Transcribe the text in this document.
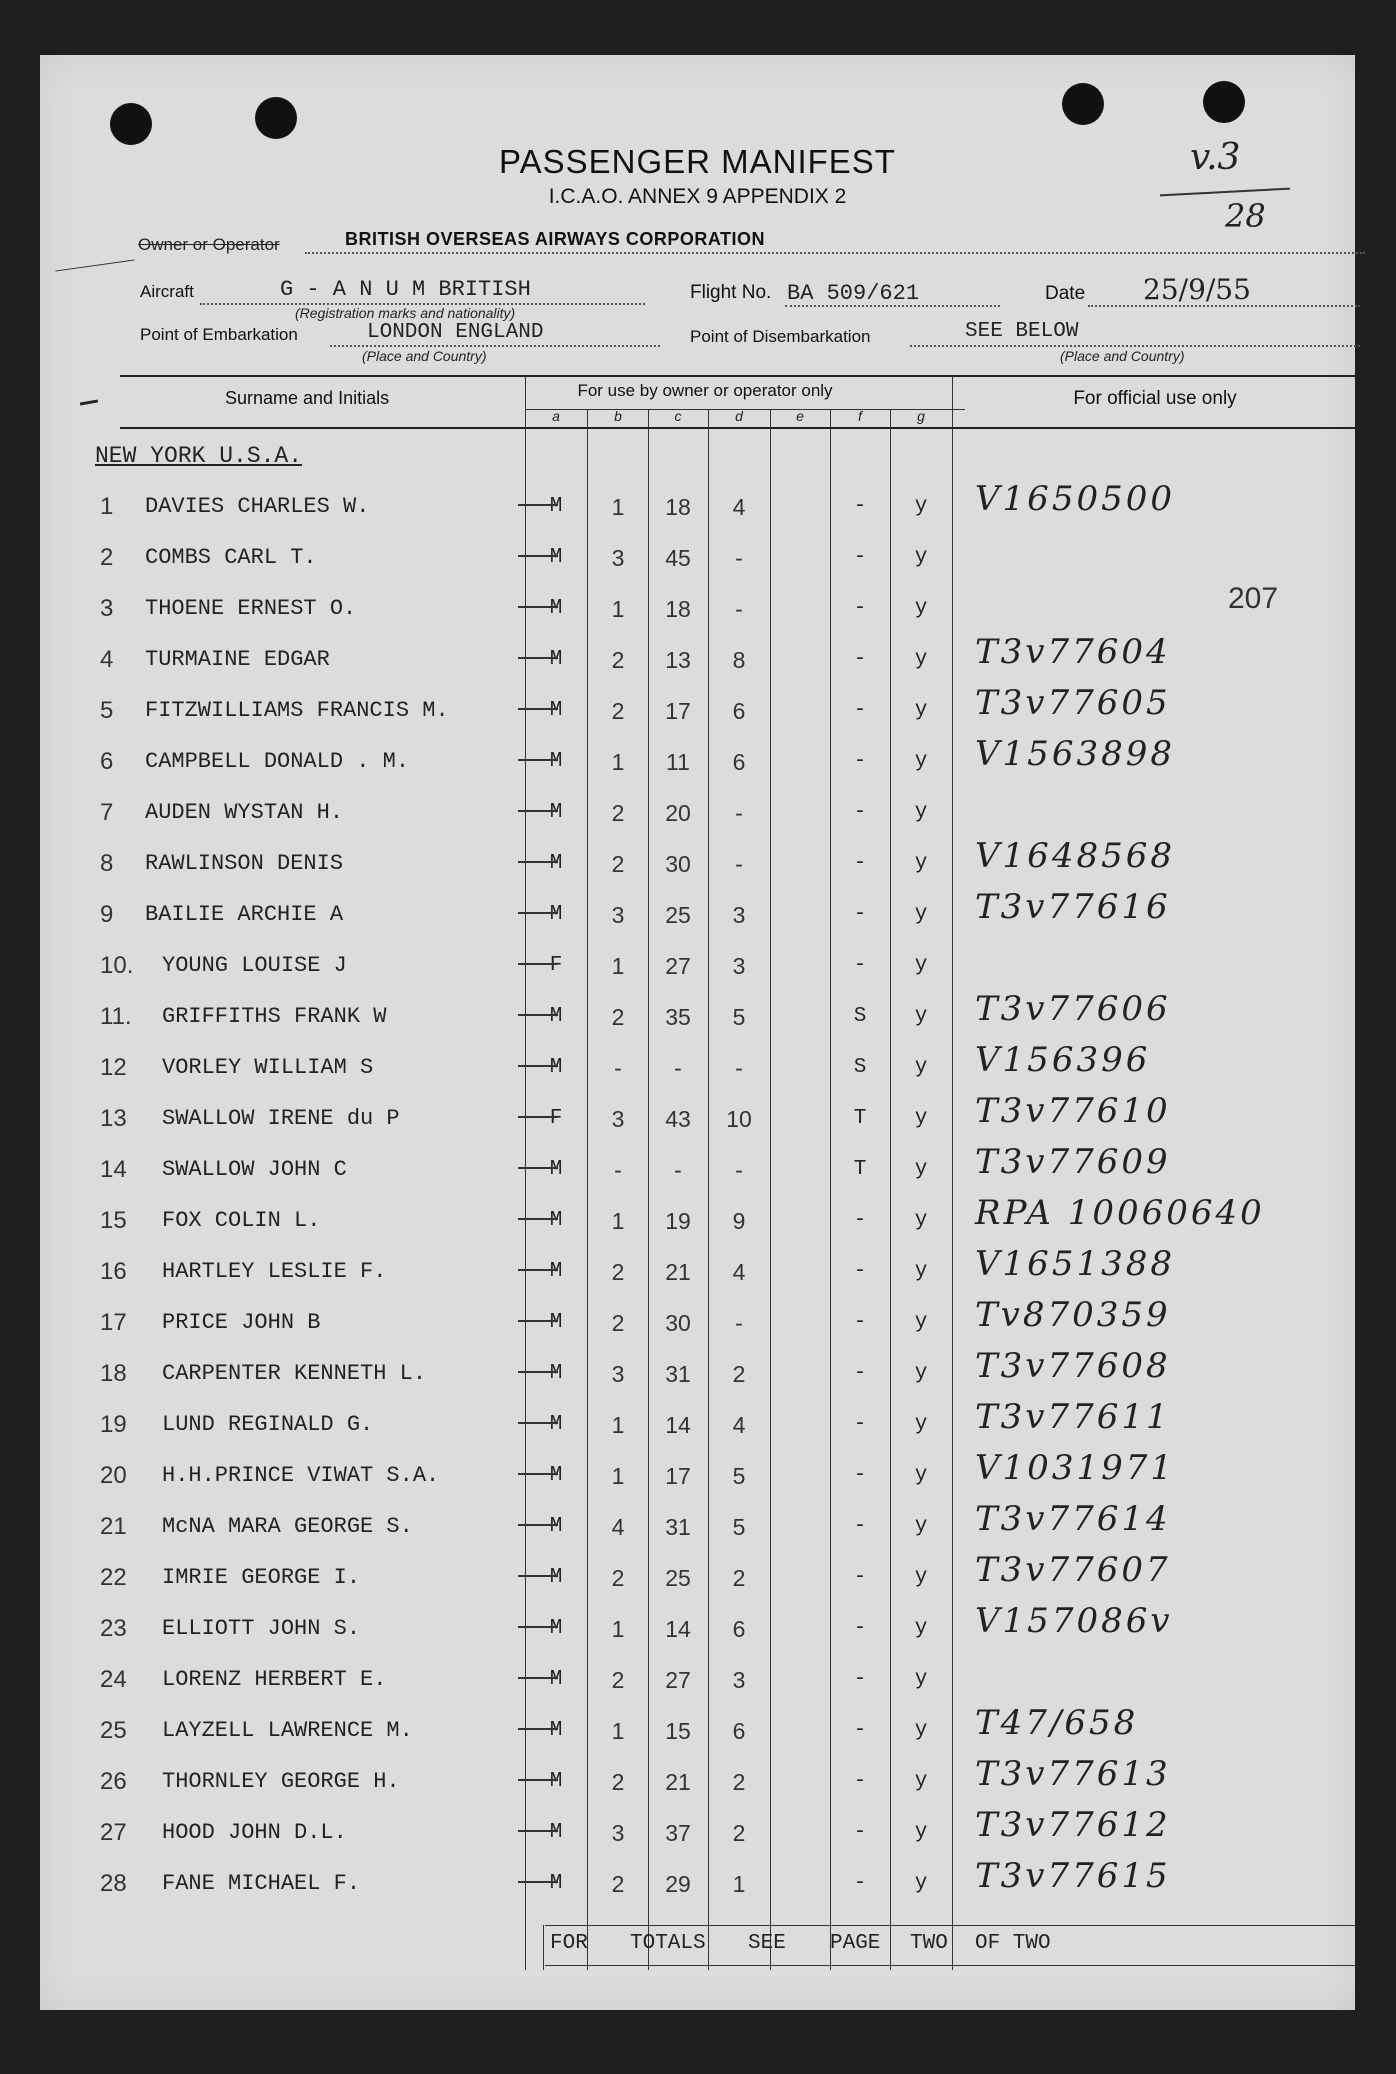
PASSENGER MANIFEST
I.C.A.O. ANNEX 9 APPENDIX 2
v.3
28
Owner or Operator	BRITISH OVERSEAS AIRWAYS CORPORATION
Aircraft	G - A N U M BRITISH
(Registration marks and nationality)
Flight No. BA 509/621	Date 25/9/55
Point of Embarkation	LONDON ENGLAND
(Place and Country)
Point of Disembarkation	SEE BELOW
(Place and Country)
Surname and Initials	For use by owner or operator only	For official use only
a	b	c	d	e	f	g
NEW YORK U.S.A.
207
1 DAVIES CHARLES W.	M	1	18	4	-	y	V1650500
2 COMBS CARL T.	M	3	45	-	-	y
3 THOENE ERNEST O.	M	1	18	-	-	y
4 TURMAINE EDGAR	M	2	13	8	-	y	T3v77604
5 FITZWILLIAMS FRANCIS M.	M	2	17	6	-	y	T3v77605
6 CAMPBELL DONALD . M.	M	1	11	6	-	y	V1563898
7 AUDEN WYSTAN H.	M	2	20	-	-	y
8 RAWLINSON DENIS	M	2	30	-	-	y	V1648568
9 BAILIE ARCHIE A	M	3	25	3	-	y	T3v77616
10. YOUNG LOUISE J	F	1	27	3	-	y
11. GRIFFITHS FRANK W	M	2	35	5	S	y	T3v77606
12 VORLEY WILLIAM S	M	-	-	-	S	y	V156396
13 SWALLOW IRENE du P	F	3	43	10	T	y	T3v77610
14 SWALLOW JOHN C	M	-	-	-	T	y	T3v77609
15 FOX COLIN L.	M	1	19	9	-	y	RPA 10060640
16 HARTLEY LESLIE F.	M	2	21	4	-	y	V1651388
17 PRICE JOHN B	M	2	30	-	-	y	Tv870359
18 CARPENTER KENNETH L.	M	3	31	2	-	y	T3v77608
19 LUND REGINALD G.	M	1	14	4	-	y	T3v77611
20 H.H.PRINCE VIWAT S.A.	M	1	17	5	-	y	V1031971
21 McNA MARA GEORGE S.	M	4	31	5	-	y	T3v77614
22 IMRIE GEORGE I.	M	2	25	2	-	y	T3v77607
23 ELLIOTT JOHN S.	M	1	14	6	-	y	V157086v
24 LORENZ HERBERT E.	M	2	27	3	-	y
25 LAYZELL LAWRENCE M.	M	1	15	6	-	y	T47/658
26 THORNLEY GEORGE H.	M	2	21	2	-	y	T3v77613
27 HOOD JOHN D.L.	M	3	37	2	-	y	T3v77612
28 FANE MICHAEL F.	M	2	29	1	-	y	T3v77615
FOR TOTALS SEE PAGE TWO OF TWO
